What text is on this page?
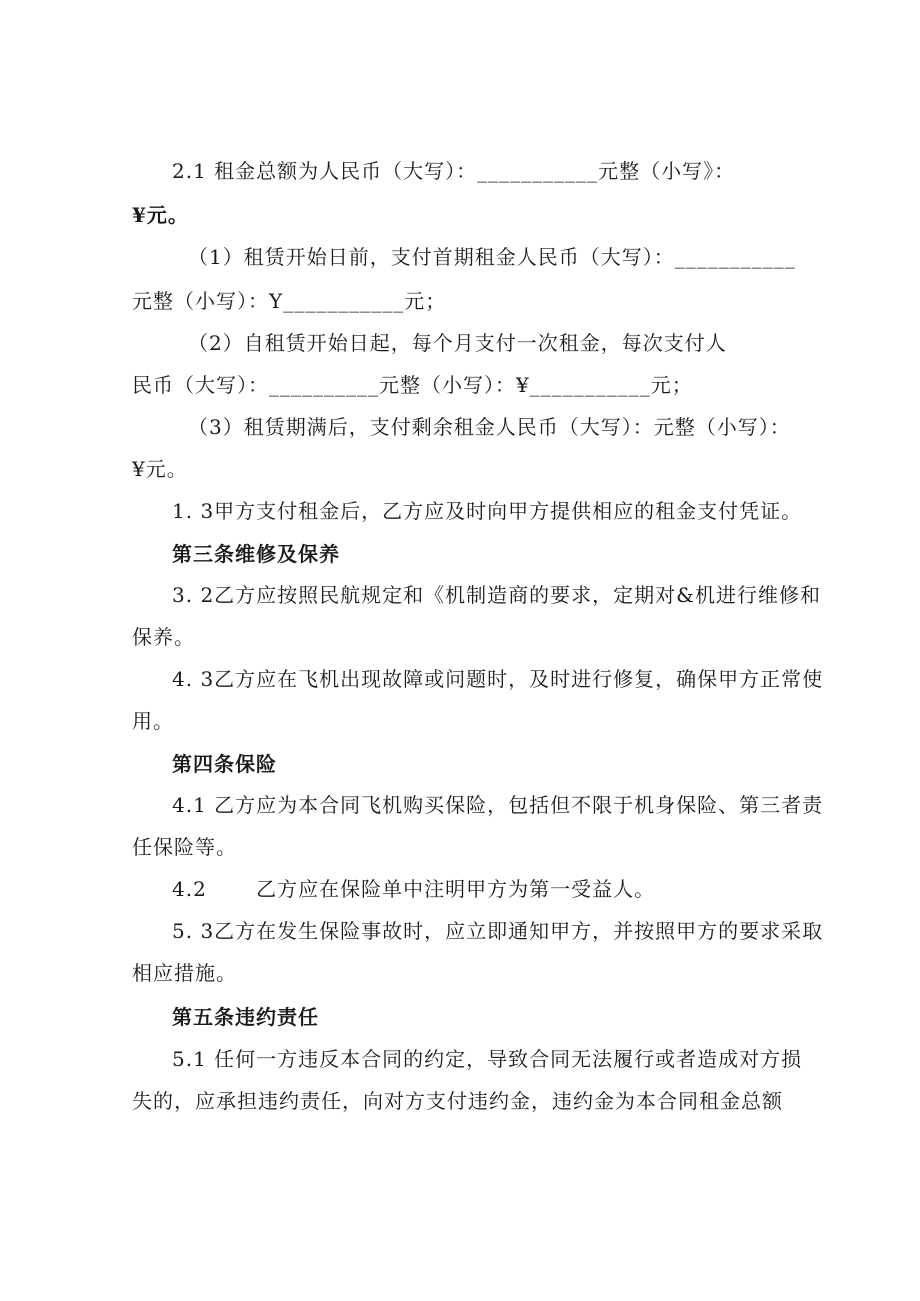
2.1 租金总额为人民币（大写）：___________元整（小写》：
¥元。
（1）租赁开始日前，支付首期租金人民币（大写）：___________
元整（小写）：Y___________元；
（2）自租赁开始日起，每个月支付一次租金，每次支付人
民币（大写）：__________元整（小写）：¥___________元；
（3）租赁期满后，支付剩余租金人民币（大写）：元整（小写）：
¥元。
1. 3甲方支付租金后，乙方应及时向甲方提供相应的租金支付凭证。
第三条维修及保养
3. 2乙方应按照民航规定和《机制造商的要求，定期对&机进行维修和
保养。
4. 3乙方应在飞机出现故障或问题时，及时进行修复，确保甲方正常使
用。
第四条保险
4.1 乙方应为本合同飞机购买保险，包括但不限于机身保险、第三者责
任保险等。
4.2 　　乙方应在保险单中注明甲方为第一受益人。
5. 3乙方在发生保险事故时，应立即通知甲方，并按照甲方的要求采取
相应措施。
第五条违约责任
5.1 任何一方违反本合同的约定，导致合同无法履行或者造成对方损
失的，应承担违约责任，向对方支付违约金，违约金为本合同租金总额
